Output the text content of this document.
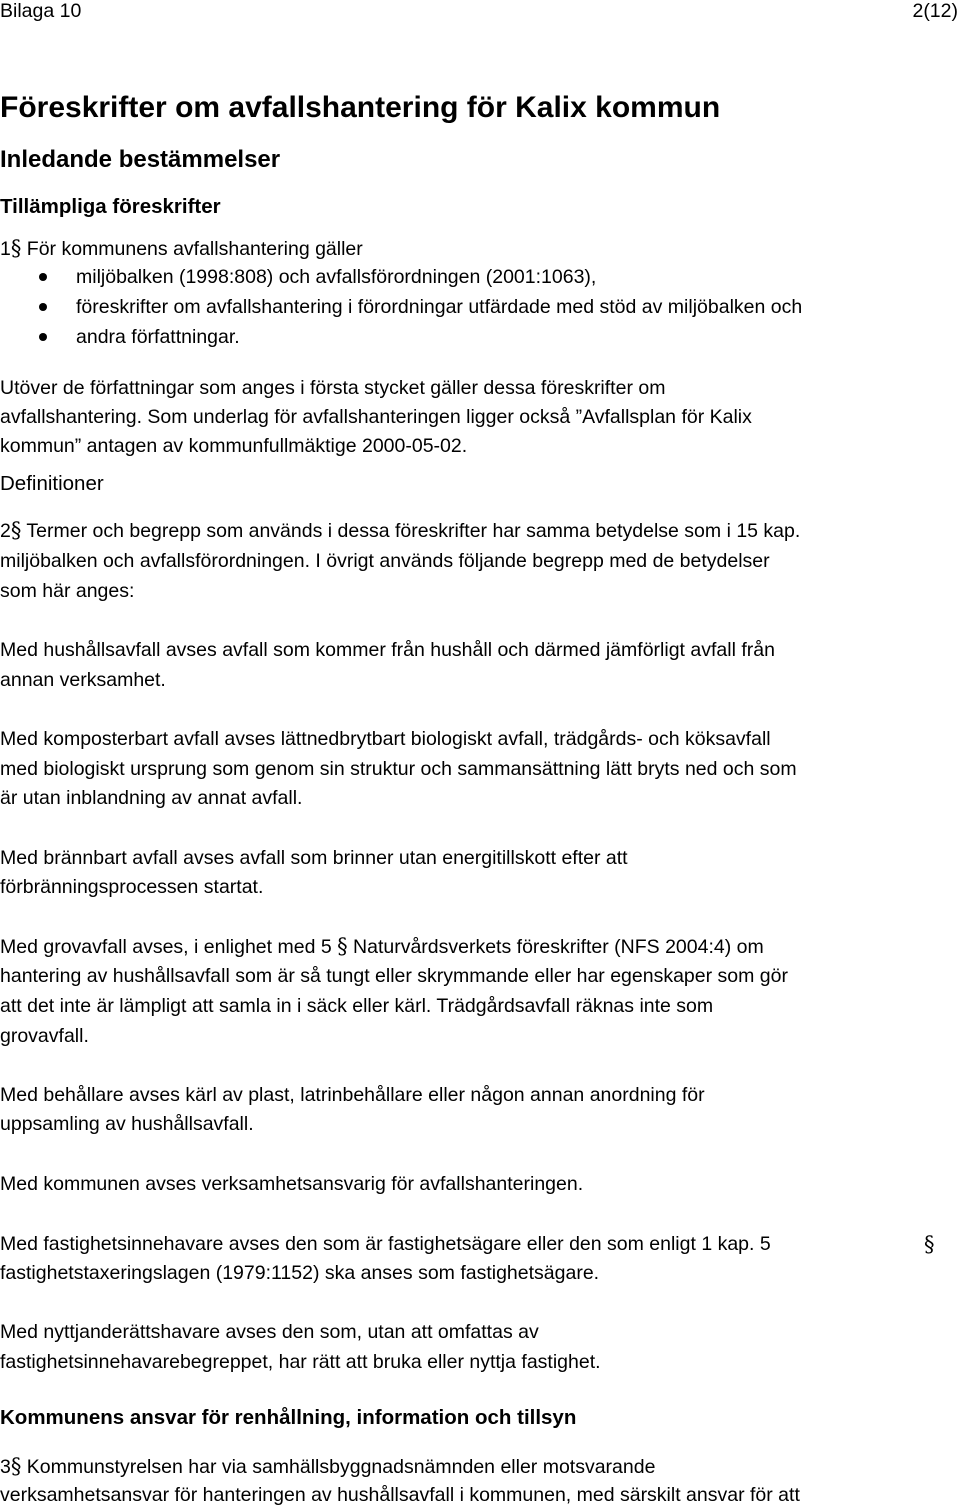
Bilaga 10	2(12)
Föreskrifter om avfallshantering för Kalix kommun
Inledande bestämmelser
Tillämpliga föreskrifter
1§ För kommunens avfallshantering gäller
miljöbalken (1998:808) och avfallsförordningen (2001:1063),
föreskrifter om avfallshantering i förordningar utfärdade med stöd av miljöbalken och
andra författningar.
Utöver de författningar som anges i första stycket gäller dessa föreskrifter om
avfallshantering. Som underlag för avfallshanteringen ligger också ”Avfallsplan för Kalix
kommun” antagen av kommunfullmäktige 2000-05-02.
Definitioner
2§ Termer och begrepp som används i dessa föreskrifter har samma betydelse som i 15 kap.
miljöbalken och avfallsförordningen. I övrigt används följande begrepp med de betydelser
som här anges:
Med hushållsavfall avses avfall som kommer från hushåll och därmed jämförligt avfall från
annan verksamhet.
Med komposterbart avfall avses lättnedbrytbart biologiskt avfall, trädgårds- och köksavfall
med biologiskt ursprung som genom sin struktur och sammansättning lätt bryts ned och som
är utan inblandning av annat avfall.
Med brännbart avfall avses avfall som brinner utan energitillskott efter att
förbränningsprocessen startat.
Med grovavfall avses, i enlighet med 5 § Naturvårdsverkets föreskrifter (NFS 2004:4) om
hantering av hushållsavfall som är så tungt eller skrymmande eller har egenskaper som gör
att det inte är lämpligt att samla in i säck eller kärl. Trädgårdsavfall räknas inte som
grovavfall.
Med behållare avses kärl av plast, latrinbehållare eller någon annan anordning för
uppsamling av hushållsavfall.
Med kommunen avses verksamhetsansvarig för avfallshanteringen.
Med fastighetsinnehavare avses den som är fastighetsägare eller den som enligt 1 kap. 5	§
fastighetstaxeringslagen (1979:1152) ska anses som fastighetsägare.
Med nyttjanderättshavare avses den som, utan att omfattas av
fastighetsinnehavarebegreppet, har rätt att bruka eller nyttja fastighet.
Kommunens ansvar för renhållning, information och tillsyn
3§ Kommunstyrelsen har via samhällsbyggnadsnämnden eller motsvarande
verksamhetsansvar för hanteringen av hushållsavfall i kommunen, med särskilt ansvar för att
